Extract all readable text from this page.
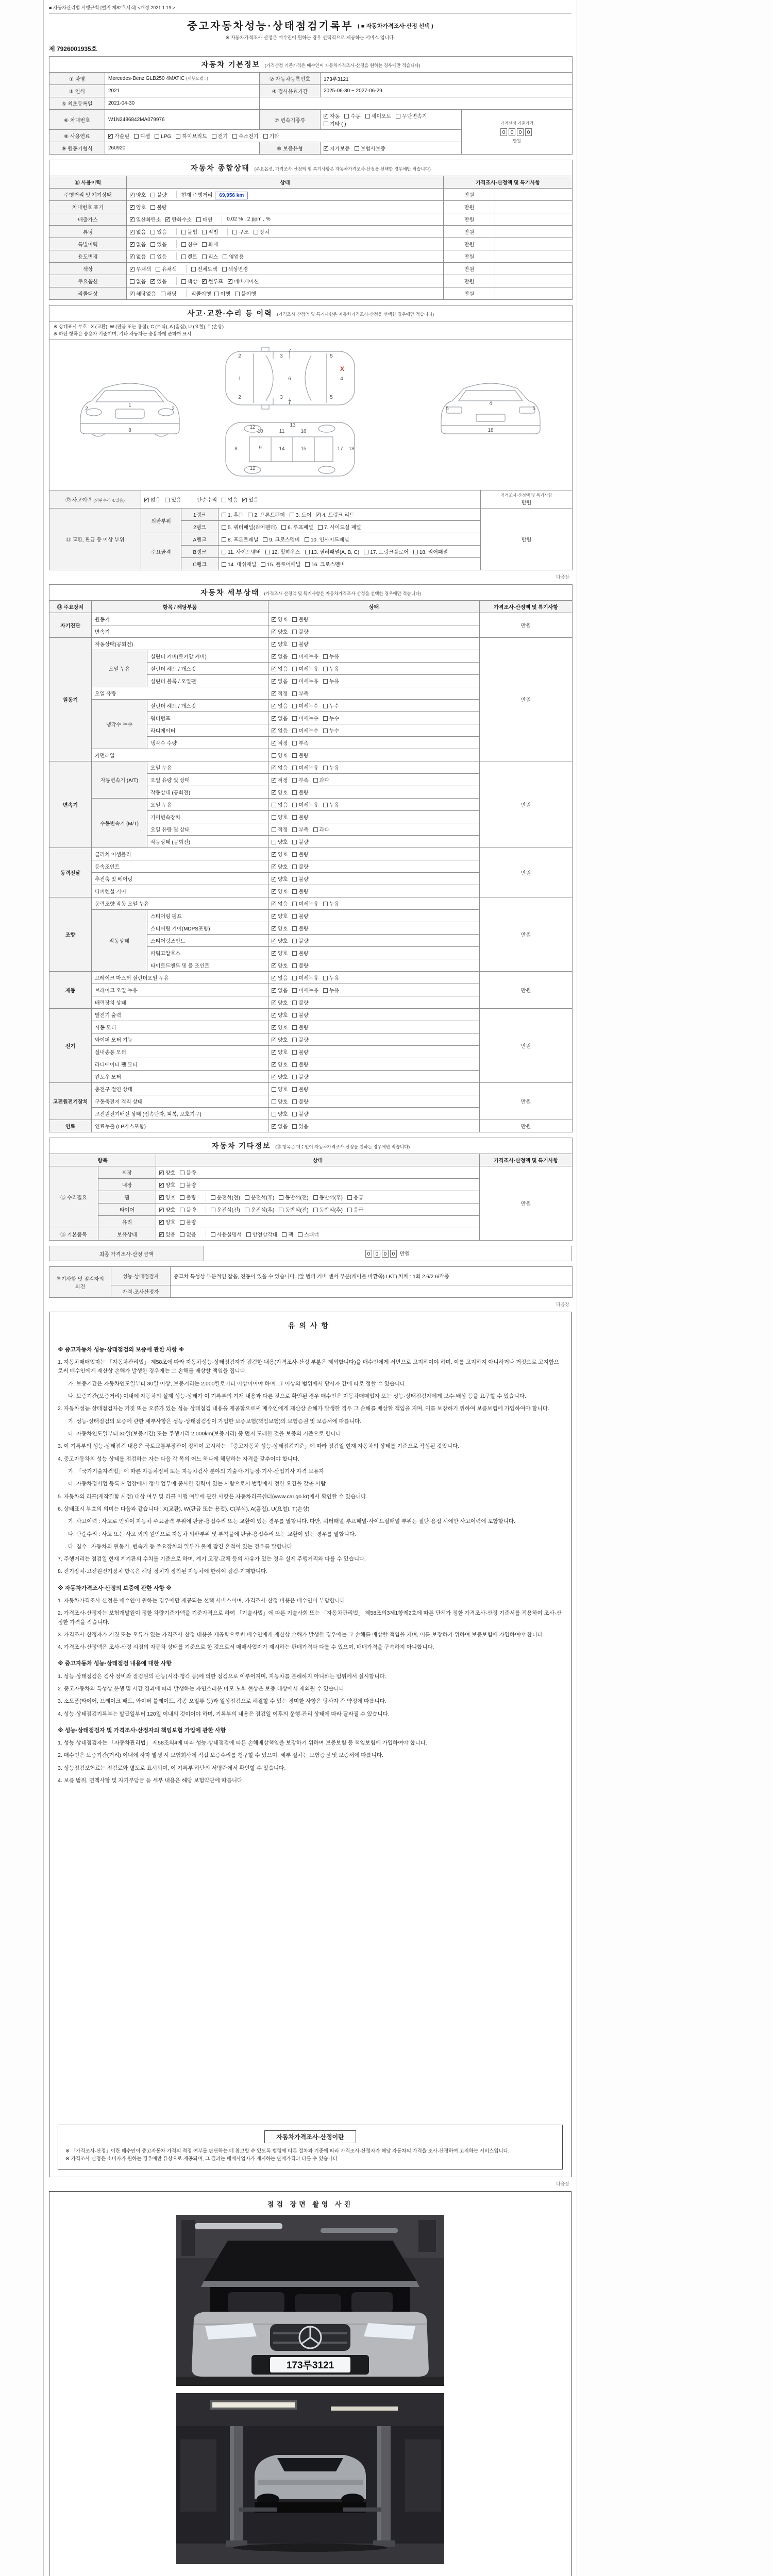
■ 자동차관리법 시행규칙 [별지 제82호서식] <개정 2021.1.19.>
중고자동차성능·상태점검기록부 ( ■ 자동차가격조사·산정 선택 )
※ 자동차가격조사·산정은 매수인이 원하는 경우 선택적으로 제공하는 서비스 입니다.
제 7926001935호
자동차 기본정보 (가격산정 기준가격은 매수인이 자동차가격조사·산정을 원하는 경우에만 적습니다)				
① 차명	Mercedes-Benz GLB250 4MATIC (세부모델 : )	② 자동차등록번호	173루3121	
③ 연식	2021	④ 검사유효기간	2025-06-30 ~ 2027-06-29	
⑤ 최초등록일	2021-04-30			
⑥ 차대번호	W1N2486842MA079976	⑦ 변속기종류	✓자동 수동 세미오토 무단변속기기타 ( )	가격산정 기준가격
0 0 0 0
만원
⑧ 사용연료	✓가솔린 디젤 LPG 하이브리드 전기 수소전기 기타
⑨ 원동기형식	260920	⑩ 보증유형	✓자가보증 보험사보증
자동차 종합상태 (주요옵션, 가격조사·산정액 및 특기사항은 자동차가격조사·산정을 선택한 경우에만 적습니다)			
⑪ 사용이력	상태	가격조사·산정액 및 특기사항	
주행거리 및 계기상태	✓양호 불량 현재 주행거리 69,956 km	만원	
차대번호 표기	✓양호 불량	만원	
배출가스	✓일산화탄소 ✓ 탄화수소 매연 0.02 % , 2 ppm , %	만원	
튜닝	✓없음 있음 불법 적법 구조 장치	만원	
특별이력	✓없음 있음 침수 화재	만원	
용도변경	✓없음 있음 렌트 리스 영업용	만원	
색상	✓무채색 유채색 전체도색 색상변경	만원	
주요옵션	없음 ✓ 있음 색상 ✓ 썬루프 ✓ 네비게이션	만원	
리콜대상	✓해당없음 해당 리콜이행 이행 불이행	만원	
사고·교환·수리 등 이력 (가격조사·산정액 및 특기사항은 자동차가격조사·산정을 선택한 경우에만 적습니다)				

※ 상태표시 부호 : X (교환), W (판금 또는 용접), C (부식), A (흠집), U (요철), T (손상)
※ 하단 항목은 승용차 기준이며, 기타 자동차는 승용차에 준하여 표시				

1
8
2	2
1
2
2
3
3
6
7
7
5
5
4
8	9
10	11
12
12
13
14	15
16
17 18
4
18
5	5
X

⑫ 사고이력 (외판수리 4.있음)	✓없음 있음 단순수리 없음 ✓ 있음			가격조사·산정액 및 특기사항
만원
⑬ 교환, 판금 등 이상 부위	외판부위	1랭크	1. 후드 2. 프론트펜더 3. 도어 ✓ 4. 트렁크 리드	만원
		2랭크	5. 쿼터패널(리어펜더) 6. 루프패널 7. 사이드실 패널	
	주요골격	A랭크	8. 프론트패널 9. 크로스멤버 10. 인사이드패널	
		B랭크	11. 사이드멤버 12. 휠하우스 13. 필러패널(A, B, C) 17. 트렁크플로어 18. 리어패널	
		C랭크	14. 대쉬패널 15. 플로어패널 16. 크로스멤버	
다음장
자동차 세부상태 (가격조사·산정액 및 특기사항은 자동차가격조사·산정을 선택한 경우에만 적습니다)				
⑭ 주요장치	항목 / 해당부품		상태	가격조사·산정액 및 특기사항
자기진단	원동기	✓양호 불량	만원
	변속기	✓양호 불량
원동기	작동상태(공회전)	✓양호 불량	만원
	오일 누유	실린더 커버(로커암 커버)	✓없음 미세누유 누유
		실린더 헤드 / 개스킷	✓없음 미세누유 누유
		실린더 블록 / 오일팬	✓없음 미세누유 누유
	오일 유량	✓적정 부족
	냉각수 누수	실린더 헤드 / 개스킷	✓없음 미세누수 누수
		워터펌프	✓없음 미세누수 누수
		라디에이터	✓없음 미세누수 누수
		냉각수 수량	✓적정 부족
	커먼레일		양호 불량	
변속기	자동변속기 (A/T)	오일 누유	✓없음 미세누유 누유	만원
		오일 유량 및 상태	✓적정 부족 과다
		작동상태 (공회전)	✓양호 불량
	수동변속기 (M/T)	오일 누유	없음 미세누유 누유	
		기어변속장치	양호 불량	
		오일 유량 및 상태	적정 부족 과다	
		작동상태 (공회전)	양호 불량	
동력전달	클러치 어셈블리	✓양호 불량	만원
	등속조인트	✓양호 불량
	추진축 및 베어링	✓양호 불량
	디퍼렌셜 기어	✓양호 불량
조향	동력조향 작동 오일 누유	✓없음 미세누유 누유	만원
	작동상태	스티어링 펌프	✓양호 불량
		스티어링 기어(MDPS포함)	✓양호 불량
		스티어링조인트	✓양호 불량
		파워고압호스	✓양호 불량
		타이로드엔드 및 볼 조인트	✓양호 불량
제동	브레이크 마스터 실린더오일 누유	✓없음 미세누유 누유	만원
	브레이크 오일 누유	✓없음 미세누유 누유
	배력장치 상태	✓양호 불량
전기	발전기 출력	✓양호 불량	만원
	시동 모터	✓양호 불량
	와이퍼 모터 기능	✓양호 불량
	실내송풍 모터	✓양호 불량
	라디에이터 팬 모터	✓양호 불량
	윈도우 모터	✓양호 불량
고전원전기장치	충전구 절연 상태		양호 불량	만원
	구동축전지 격리 상태		양호 불량	
	고전원전기배선 상태 (접속단자, 피복, 보호기구)		양호 불량	
연료	연료누출 (LP가스포함)	✓없음 있음	만원
자동차 기타정보 (⑮ 항목은 매수인이 자동차가격조사·산정을 원하는 경우에만 적습니다)			
항목		상태	가격조사·산정액 및 특기사항
⑮ 수리필요	외장	✓양호 불량	만원
	내장	✓양호 불량
	휠	✓양호 불량 운전석(전) 운전석(후) 동반석(전) 동반석(후) 응급
	타이어	✓양호 불량 운전석(전) 운전석(후) 동반석(전) 동반석(후) 응급
	유리	✓양호 불량
⑯ 기본품목	보유상태	✓있음 없음 사용설명서 안전삼각대 잭 스패너
최종 가격조사·산정 금액	0 0 0 0 만원
특기사항 및 점검자의 의견	성능·상태점검자	중고차 특성상 부분적인 잡음, 진동이 있을 수 있습니다. (앞 범퍼 커버 센서 부분(케이블 바깥쪽) LKT) 차체 : 1회 2.6/2.6/각종
	가격·조사산정자	
다음장
유의사항
※ 중고자동차 성능·상태점검의 보증에 관한 사항 ※
1. 자동차매매업자는 「자동차관리법」 제58조에 따라 자동차성능·상태점검자가 점검한 내용(가격조사·산정 부분은 제외합니다)을 매수인에게 서면으로 고지하여야 하며, 이를 고지하지 아니하거나 거짓으로 고지함으로써 매수인에게 재산상 손해가 발생한 경우에는 그 손해를 배상할 책임을 집니다.
가. 보증기간은 자동차인도일부터 30일 이상, 보증거리는 2,000킬로미터 이상이어야 하며, 그 이상의 범위에서 당사자 간에 따로 정할 수 있습니다.
나. 보증기간(보증거리) 이내에 자동차의 실제 성능·상태가 이 기록부의 기재 내용과 다른 것으로 확인된 경우 매수인은 자동차매매업자 또는 성능·상태점검자에게 보수·배상 등을 요구할 수 있습니다.
2. 자동차성능·상태점검자는 거짓 또는 오류가 있는 성능·상태점검 내용을 제공함으로써 매수인에게 재산상 손해가 발생한 경우 그 손해를 배상할 책임을 지며, 이를 보장하기 위하여 보증보험에 가입하여야 합니다.
가. 성능·상태점검의 보증에 관한 세부사항은 성능·상태점검장이 가입한 보증보험(책임보험)의 보험증권 및 보증서에 따릅니다.
나. 자동차인도일부터 30일(보증기간) 또는 주행거리 2,000km(보증거리) 중 먼저 도래한 것을 보증의 기준으로 합니다.
3. 이 기록부의 성능·상태점검 내용은 국토교통부장관이 정하여 고시하는 「중고자동차 성능·상태점검기준」에 따라 점검일 현재 자동차의 상태를 기준으로 작성된 것입니다.
4. 중고자동차의 성능·상태를 점검하는 자는 다음 각 목의 어느 하나에 해당하는 자격을 갖추어야 합니다.
가. 「국가기술자격법」에 따른 자동차정비 또는 자동차검사 분야의 기술사·기능장·기사·산업기사 자격 보유자
나. 자동차정비업 등록 사업장에서 정비 업무에 종사한 경력이 있는 사람으로서 법령에서 정한 요건을 갖춘 사람
5. 자동차의 리콜(제작결함 시정) 대상 여부 및 리콜 이행 여부에 관한 사항은 자동차리콜센터(www.car.go.kr)에서 확인할 수 있습니다.
6. 상태표시 부호의 의미는 다음과 같습니다 : X(교환), W(판금 또는 용접), C(부식), A(흠집), U(요철), T(손상)
가. 사고이력 : 사고로 인하여 자동차 주요골격 부위에 판금·용접수리 또는 교환이 있는 경우를 말합니다. 다만, 쿼터패널·루프패널·사이드실패널 부위는 절단·용접 시에만 사고이력에 포함합니다.
나. 단순수리 : 사고 또는 사고 외의 원인으로 자동차 외판부위 및 부착물에 판금·용접수리 또는 교환이 있는 경우를 말합니다.
다. 침수 : 자동차의 원동기, 변속기 등 주요장치의 일부가 물에 잠긴 흔적이 있는 경우를 말합니다.
7. 주행거리는 점검일 현재 계기판의 수치를 기준으로 하며, 계기 고장·교체 등의 사유가 있는 경우 실제 주행거리와 다를 수 있습니다.
8. 전기장치·고전원전기장치 항목은 해당 장치가 장착된 자동차에 한하여 점검·기재합니다.
※ 자동차가격조사·산정의 보증에 관한 사항 ※
1. 자동차가격조사·산정은 매수인이 원하는 경우에만 제공되는 선택 서비스이며, 가격조사·산정 비용은 매수인이 부담합니다.
2. 가격조사·산정자는 보험개발원이 정한 차량기준가액을 기준가격으로 하여 「기술사법」에 따른 기술사회 또는 「자동차관리법」 제58조의3제1항제2호에 따른 단체가 정한 가격조사·산정 기준서를 적용하여 조사·산정한 가격을 적습니다.
3. 가격조사·산정자가 거짓 또는 오류가 있는 가격조사·산정 내용을 제공함으로써 매수인에게 재산상 손해가 발생한 경우에는 그 손해를 배상할 책임을 지며, 이를 보장하기 위하여 보증보험에 가입하여야 합니다.
4. 가격조사·산정액은 조사·산정 시점의 자동차 상태를 기준으로 한 것으로서 매매사업자가 제시하는 판매가격과 다를 수 있으며, 매매가격을 구속하지 아니합니다.
※ 중고자동차 성능·상태점검 내용에 대한 사항
1. 성능·상태점검은 검사 장비와 점검원의 관능(시각·청각 등)에 의한 점검으로 이루어지며, 자동차를 분해하지 아니하는 범위에서 실시합니다.
2. 중고자동차의 특성상 운행 및 시간 경과에 따라 발생하는 자연스러운 마모·노화 현상은 보증 대상에서 제외될 수 있습니다.
3. 소모품(타이어, 브레이크 패드, 와이퍼 블레이드, 각종 오일류 등)과 일상점검으로 해결할 수 있는 경미한 사항은 당사자 간 약정에 따릅니다.
4. 성능·상태점검기록부는 발급일부터 120일 이내의 것이어야 하며, 기록부의 내용은 점검일 이후의 운행·관리 상태에 따라 달라질 수 있습니다.
※ 성능·상태점검자 및 가격조사·산정자의 책임보험 가입에 관한 사항
1. 성능·상태점검자는 「자동차관리법」 제58조의4에 따라 성능·상태점검에 따른 손해배상책임을 보장하기 위하여 보증보험 등 책임보험에 가입하여야 합니다.
2. 매수인은 보증기간(거리) 이내에 하자 발생 시 보험회사에 직접 보증수리를 청구할 수 있으며, 세부 절차는 보험증권 및 보증서에 따릅니다.
3. 성능점검보험료는 점검료와 별도로 표시되며, 이 기록부 하단의 서명란에서 확인할 수 있습니다.
4. 보증 범위, 면책사항 및 자기부담금 등 세부 내용은 해당 보험약관에 따릅니다.
자동차가격조사·산정이란
※ 「가격조사·산정」이란 매수인이 중고자동차 가격의 적정 여부를 판단하는 데 참고할 수 있도록 법령에 따른 절차와 기준에 따라 가격조사·산정자가 해당 자동차의 가격을 조사·산정하여 고지하는 서비스입니다.
※ 가격조사·산정은 소비자가 원하는 경우에만 유상으로 제공되며, 그 결과는 매매사업자가 제시하는 판매가격과 다를 수 있습니다.
다음장
점검 장면 촬영 사진
173루3121
